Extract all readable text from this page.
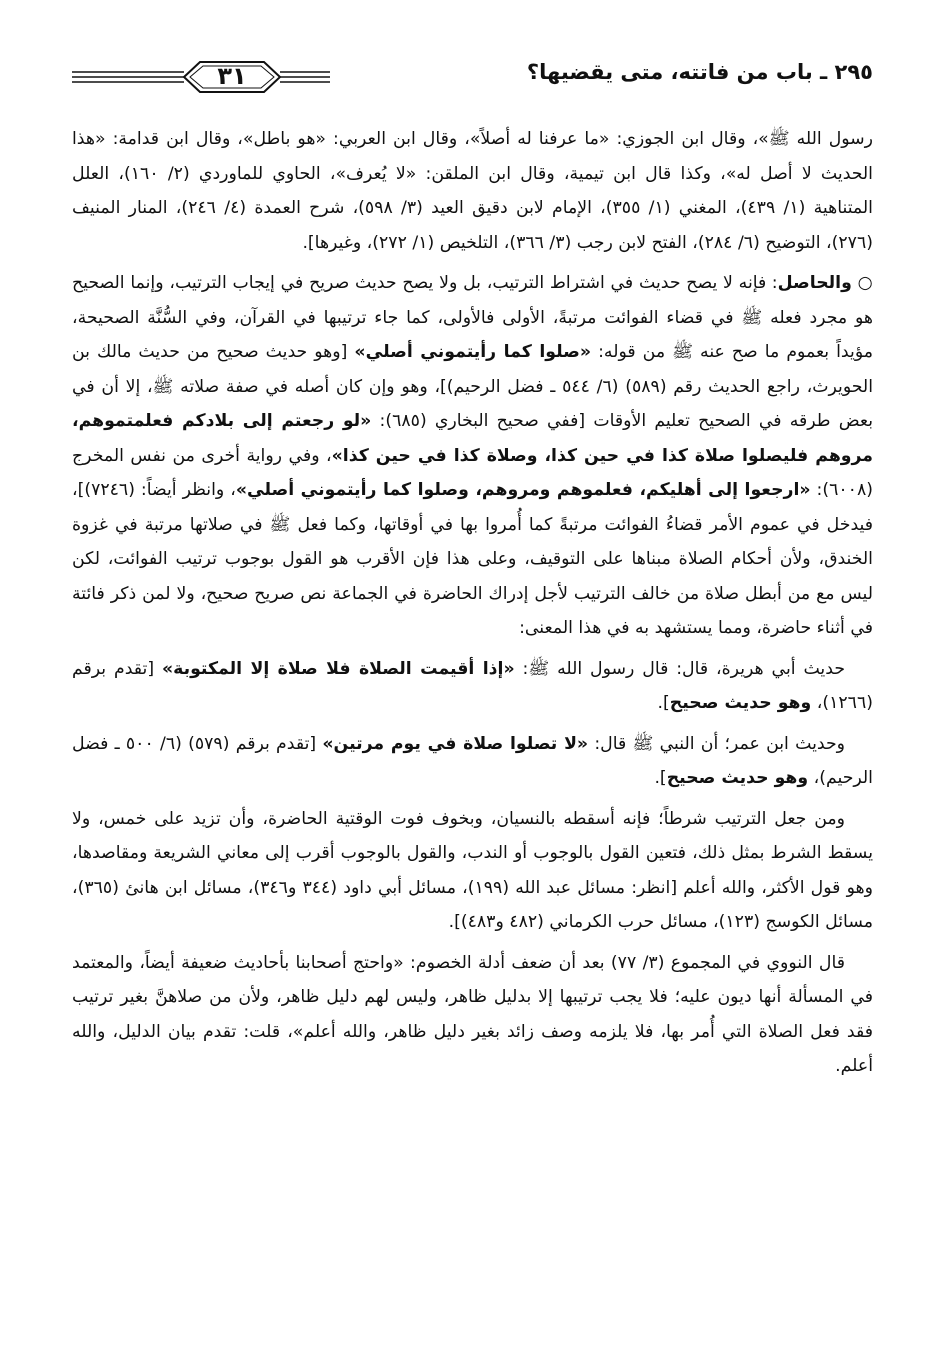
٢٩٥ ـ باب من فاتته، متى يقضيها؟
٣١

رسول الله ﷺ»، وقال ابن الجوزي: «ما عرفنا له أصلاً»، وقال ابن العربي: «هو باطل»، وقال ابن قدامة: «هذا الحديث لا أصل له»، وكذا قال ابن تيمية، وقال ابن الملقن: «لا يُعرف»، الحاوي للماوردي (٢/ ١٦٠)، العلل المتناهية (١/ ٤٣٩)، المغني (١/ ٣٥٥)، الإمام لابن دقيق العيد (٣/ ٥٩٨)، شرح العمدة (٤/ ٢٤٦)، المنار المنيف (٢٧٦)، التوضيح (٦/ ٢٨٤)، الفتح لابن رجب (٣/ ٣٦٦)، التلخيص (١/ ٢٧٢)، وغيرها].

○ والحاصل: فإنه لا يصح حديث في اشتراط الترتيب، بل ولا يصح حديث صريح في إيجاب الترتيب، وإنما الصحيح هو مجرد فعله ﷺ في قضاء الفوائت مرتبةً، الأولى فالأولى، كما جاء ترتيبها في القرآن، وفي السُّنَّة الصحيحة، مؤيداً بعموم ما صح عنه ﷺ من قوله: «صلوا كما رأيتموني أصلي» [وهو حديث صحيح من حديث مالك بن الحويرث، راجع الحديث رقم (٥٨٩) (٦/ ٥٤٤ ـ فضل الرحيم)]، وهو وإن كان أصله في صفة صلاته ﷺ، إلا أن في بعض طرقه في الصحيح تعليم الأوقات [ففي صحيح البخاري (٦٨٥): «لو رجعتم إلى بلادكم فعلمتموهم، مروهم فليصلوا صلاة كذا في حين كذا، وصلاة كذا في حين كذا»، وفي رواية أخرى من نفس المخرج (٦٠٠٨): «ارجعوا إلى أهليكم، فعلموهم ومروهم، وصلوا كما رأيتموني أصلي»، وانظر أيضاً: (٧٢٤٦)]، فيدخل في عموم الأمر قضاءُ الفوائت مرتبةً كما أُمروا بها في أوقاتها، وكما فعل ﷺ في صلاتها مرتبة في غزوة الخندق، ولأن أحكام الصلاة مبناها على التوقيف، وعلى هذا فإن الأقرب هو القول بوجوب ترتيب الفوائت، لكن ليس مع من أبطل صلاة من خالف الترتيب لأجل إدراك الحاضرة في الجماعة نص صريح صحيح، ولا لمن ذكر فائتة في أثناء حاضرة، ومما يستشهد به في هذا المعنى:

حديث أبي هريرة، قال: قال رسول الله ﷺ: «إذا أقيمت الصلاة فلا صلاة إلا المكتوبة» [تقدم برقم (١٢٦٦)، وهو حديث صحيح].

وحديث ابن عمر؛ أن النبي ﷺ قال: «لا تصلوا صلاة في يوم مرتين» [تقدم برقم (٥٧٩) (٦/ ٥٠٠ ـ فضل الرحيم)، وهو حديث صحيح].

ومن جعل الترتيب شرطاً؛ فإنه أسقطه بالنسيان، وبخوف فوت الوقتية الحاضرة، وأن تزيد على خمس، ولا يسقط الشرط بمثل ذلك، فتعين القول بالوجوب أو الندب، والقول بالوجوب أقرب إلى معاني الشريعة ومقاصدها، وهو قول الأكثر، والله أعلم [انظر: مسائل عبد الله (١٩٩)، مسائل أبي داود (٣٤٤ و٣٤٦)، مسائل ابن هانئ (٣٦٥)، مسائل الكوسج (١٢٣)، مسائل حرب الكرماني (٤٨٢ و٤٨٣)].

قال النووي في المجموع (٣/ ٧٧) بعد أن ضعف أدلة الخصوم: «واحتج أصحابنا بأحاديث ضعيفة أيضاً، والمعتمد في المسألة أنها ديون عليه؛ فلا يجب ترتيبها إلا بدليل ظاهر، وليس لهم دليل ظاهر، ولأن من صلاهنَّ بغير ترتيب فقد فعل الصلاة التي أُمر بها، فلا يلزمه وصف زائد بغير دليل ظاهر، والله أعلم»، قلت: تقدم بيان الدليل، والله أعلم.
